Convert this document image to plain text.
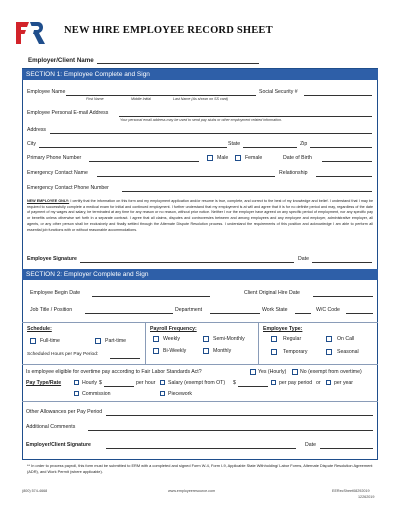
NEW HIRE EMPLOYEE RECORD SHEET
Employer/Client Name
SECTION 1: Employee Complete and Sign
Employee Name
First Name	Middle Initial	Last Name (As shown on SS card)
Social Security #
Employee Personal E-mail Address
Your personal email address may be used to send pay stubs or other employment related information.
Address
City	State	Zip
Primary Phone Number	Male	Female	Date of Birth
Emergency Contact Name	Relationship
Emergency Contact Phone Number
NEW EMPLOYEE ONLY: I certify that the information on this form and my employment application and/or resume is true, complete, and correct to the best of my knowledge and belief. I understand that I may be required to successfully complete a medical exam for initial and continued employment. I further understand that my employment is at will and agree that it is for no definite period and may, regardless of the date of payment of my wages and salary, be terminated at any time for any reason or no reason, without prior notice. Neither I nor the employer have agreed on any specific period of employment, nor any specific pay or benefits unless otherwise set forth in a separate contract. I agree that all claims, disputes and controversies between and among employees and any employee and employer, administrative employer, all agents, or any other person shall be exclusively and finally settled through the Alternate Dispute Resolution process. I understand the requirements of this position and acknowledge I am able to perform all essential job functions with or without reasonable accommodations.
Employee Signature	Date
SECTION 2: Employer Complete and Sign
Employee Begin Date	Client Original Hire Date
Job Title / Position	Department	Work State	W/C Code
Schedule:
Full-time	Part-time
Scheduled Hours per Pay Period:
Payroll Frequency:
Weekly	Semi-Monthly
Bi-Weekly	Monthly
Employee Type:
Regular	On Call
Temporary	Seasonal
Is employee eligible for overtime pay according to Fair Labor Standards Act?	Yes (Hourly)	No (exempt from overtime)
Pay Type/Rate	Hourly $	per hour Salary (exempt from OT) $	per pay period or	per year
Commission	Piecework
Other Allowances per Pay Period
Additional Comments
Employer/Client Signature	Date
** In order to process payroll, this form must be submitted to ERM with a completed and signed Form W-4, Form I-9, Applicable State Withholding/ Labor Forms, Alternate Dispute Resolution Agreement (ADR), and Work Permit (where applicable).
(800) 574-4668	www.employeeresource.com	EERecSheet08292019
12262019
